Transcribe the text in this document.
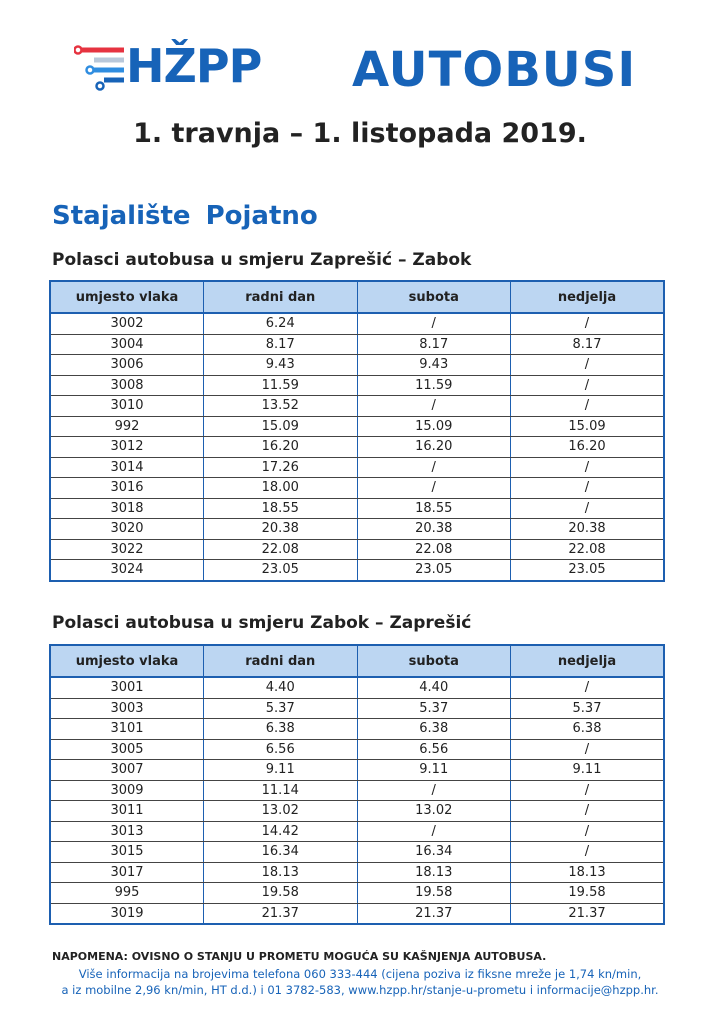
HŽPP AUTOBUSI
1. travnja – 1. listopada 2019.
Stajalište Pojatno
Polasci autobusa u smjeru Zaprešić – Zabok
umjesto vlaka	radni dan	subota	nedjelja
3002	6.24	/	/
3004	8.17	8.17	8.17
3006	9.43	9.43	/
3008	11.59	11.59	/
3010	13.52	/	/
992	15.09	15.09	15.09
3012	16.20	16.20	16.20
3014	17.26	/	/
3016	18.00	/	/
3018	18.55	18.55	/
3020	20.38	20.38	20.38
3022	22.08	22.08	22.08
3024	23.05	23.05	23.05
Polasci autobusa u smjeru Zabok – Zaprešić
umjesto vlaka	radni dan	subota	nedjelja
3001	4.40	4.40	/
3003	5.37	5.37	5.37
3101	6.38	6.38	6.38
3005	6.56	6.56	/
3007	9.11	9.11	9.11
3009	11.14	/	/
3011	13.02	13.02	/
3013	14.42	/	/
3015	16.34	16.34	/
3017	18.13	18.13	18.13
995	19.58	19.58	19.58
3019	21.37	21.37	21.37
NAPOMENA: OVISNO O STANJU U PROMETU MOGUĆA SU KAŠNJENJA AUTOBUSA.
Više informacija na brojevima telefona 060 333-444 (cijena poziva iz fiksne mreže je 1,74 kn/min,
a iz mobilne 2,96 kn/min, HT d.d.) i 01 3782-583, www.hzpp.hr/stanje-u-prometu i informacije@hzpp.hr.
